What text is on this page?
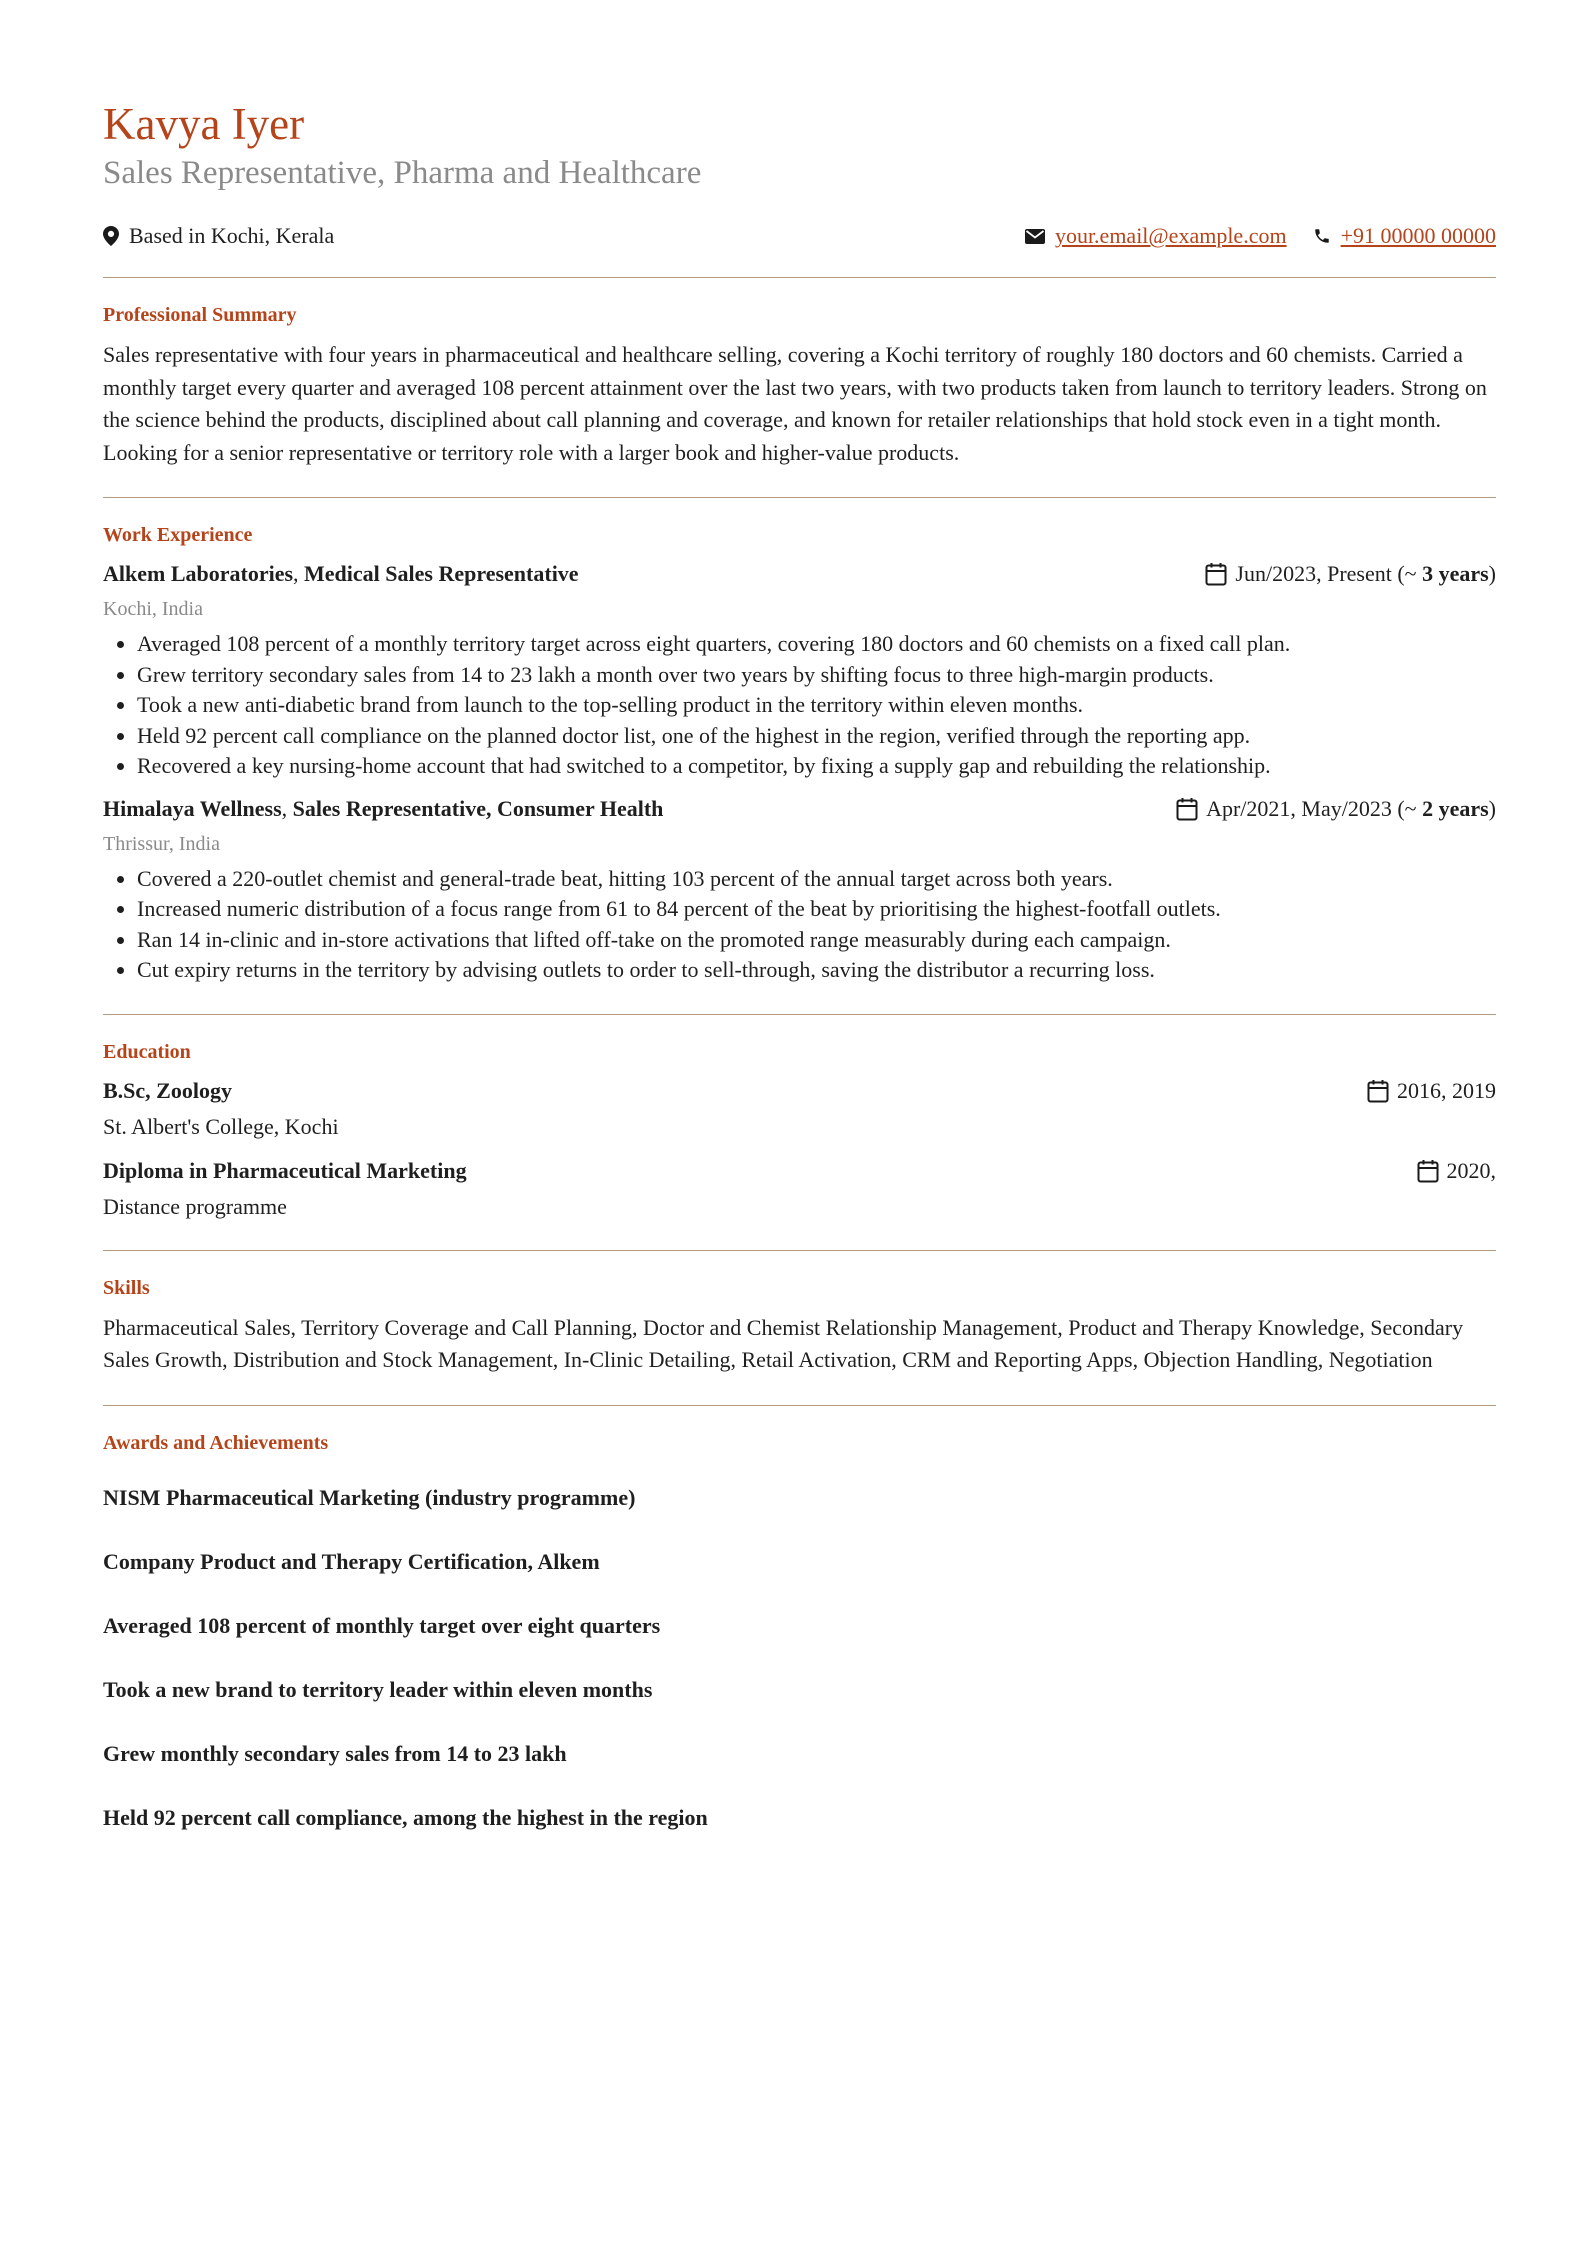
Kavya Iyer
Sales Representative, Pharma and Healthcare
Based in Kochi, Kerala	your.email@example.com +91 00000 00000
Professional Summary

Sales representative with four years in pharmaceutical and healthcare selling, covering a Kochi territory of roughly 180 doctors and 60 chemists. Carried a monthly target every quarter and averaged 108 percent attainment over the last two years, with two products taken from launch to territory leaders. Strong on the science behind the products, disciplined about call planning and coverage, and known for retailer relationships that hold stock even in a tight month. Looking for a senior representative or territory role with a larger book and higher-value products.

Work Experience
Alkem Laboratories, Medical Sales Representative	Jun/2023, Present (~ 3 years)
Kochi, India
• Averaged 108 percent of a monthly territory target across eight quarters, covering 180 doctors and 60 chemists on a fixed call plan.
• Grew territory secondary sales from 14 to 23 lakh a month over two years by shifting focus to three high-margin products.
• Took a new anti-diabetic brand from launch to the top-selling product in the territory within eleven months.
• Held 92 percent call compliance on the planned doctor list, one of the highest in the region, verified through the reporting app.
• Recovered a key nursing-home account that had switched to a competitor, by fixing a supply gap and rebuilding the relationship.
Himalaya Wellness, Sales Representative, Consumer Health	Apr/2021, May/2023 (~ 2 years)
Thrissur, India
• Covered a 220-outlet chemist and general-trade beat, hitting 103 percent of the annual target across both years.
• Increased numeric distribution of a focus range from 61 to 84 percent of the beat by prioritising the highest-footfall outlets.
• Ran 14 in-clinic and in-store activations that lifted off-take on the promoted range measurably during each campaign.
• Cut expiry returns in the territory by advising outlets to order to sell-through, saving the distributor a recurring loss.
Education
B.Sc, Zoology	2016, 2019
St. Albert's College, Kochi
Diploma in Pharmaceutical Marketing	2020,
Distance programme
Skills

Pharmaceutical Sales, Territory Coverage and Call Planning, Doctor and Chemist Relationship Management, Product and Therapy Knowledge, Secondary Sales Growth, Distribution and Stock Management, In-Clinic Detailing, Retail Activation, CRM and Reporting Apps, Objection Handling, Negotiation

Awards and Achievements

NISM Pharmaceutical Marketing (industry programme)

Company Product and Therapy Certification, Alkem

Averaged 108 percent of monthly target over eight quarters

Took a new brand to territory leader within eleven months

Grew monthly secondary sales from 14 to 23 lakh

Held 92 percent call compliance, among the highest in the region
